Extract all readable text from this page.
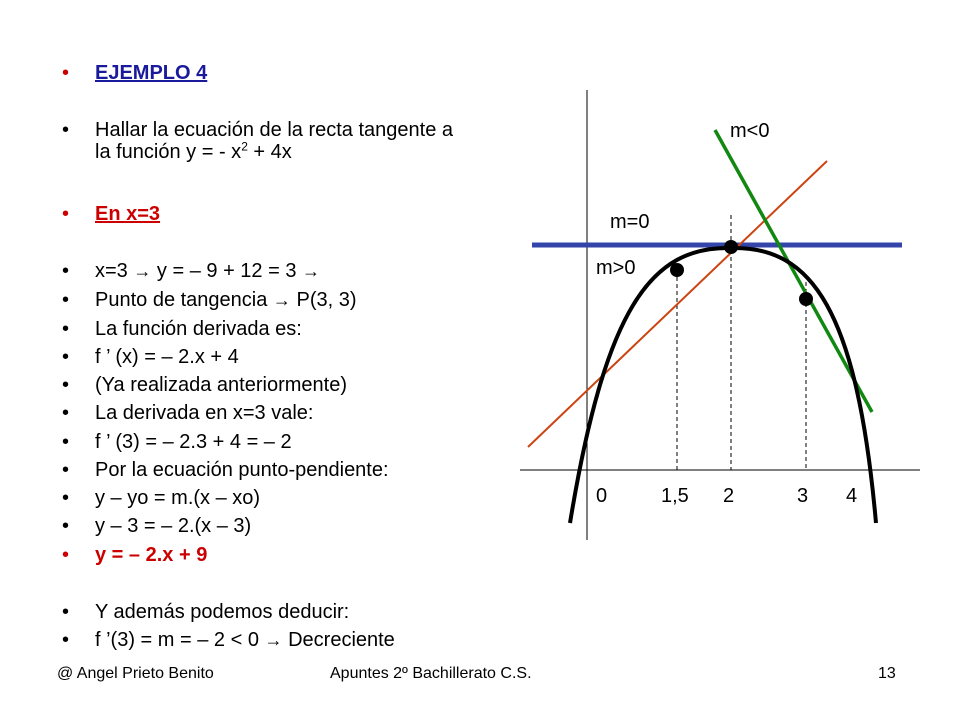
•	EJEMPLO 4
•	Hallar la ecuación de la recta tangente a
la función y = - $x^2 + 4x$
•	En x=3
•	x=3 → y = – 9 + 12 = 3 →
•	Punto de tangencia → P(3, 3)
•	La función derivada es:
•	f ’ (x) = – 2.x + 4
•	(Ya realizada anteriormente)
•	La derivada en x=3 vale:
•	f ’ (3) = – 2.3 + 4 = – 2
•	Por la ecuación punto-pendiente:
•	y – yo = m.(x – xo)
•	y – 3 = – 2.(x – 3)
•	y = – 2.x + 9
•	Y además podemos deducir:
•	f ’(3) = m = – 2 < 0 → Decreciente
m<0
m=0
m>0
0	1,5 2	3 4
@ Angel Prieto Benito	Apuntes 2º Bachillerato C.S.	13
